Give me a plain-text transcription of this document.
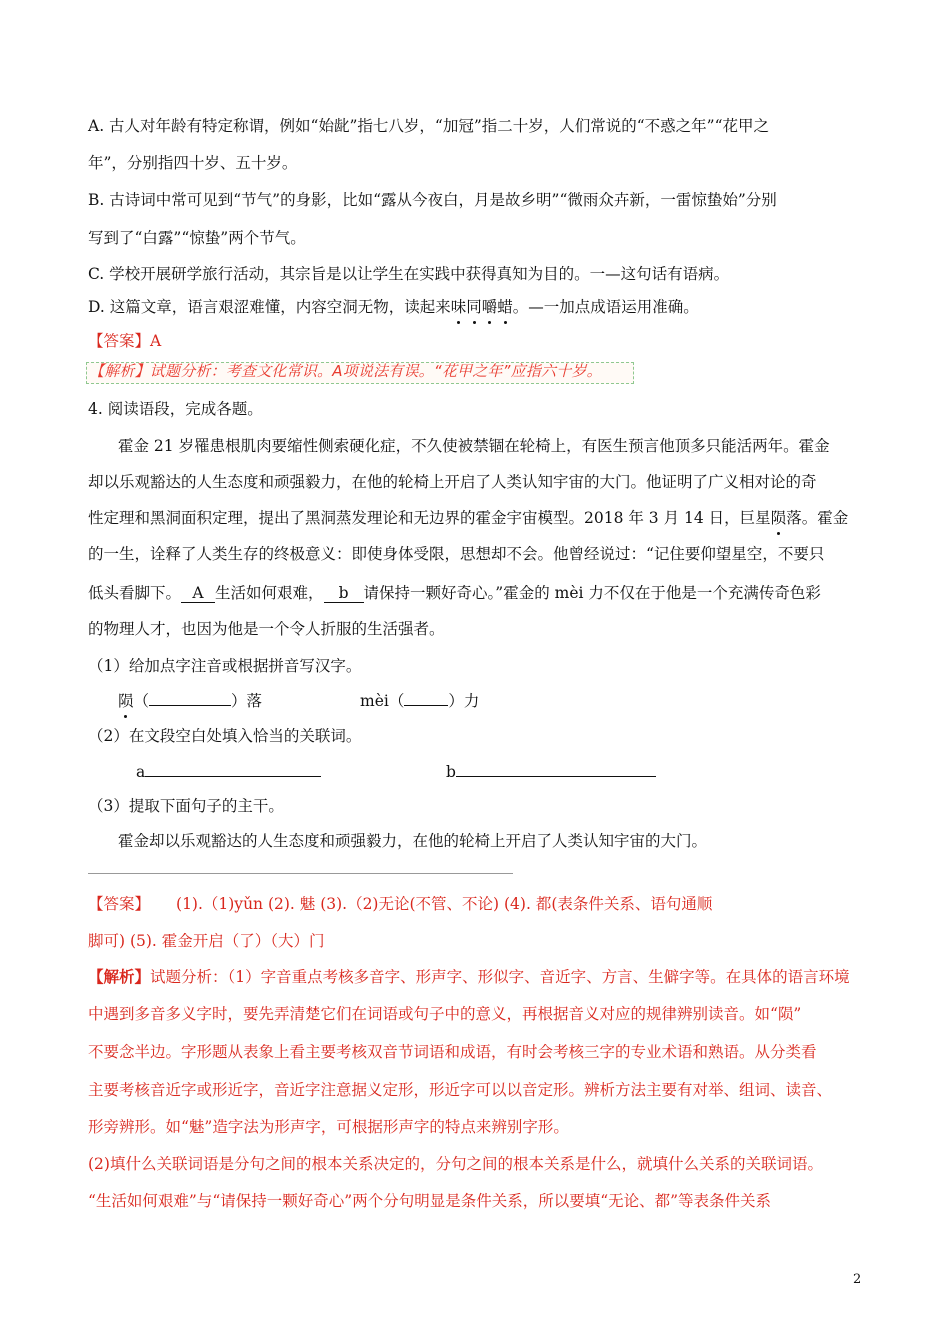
A. 古人对年龄有特定称谓，例如“始龀”指七八岁，“加冠”指二十岁，人们常说的“不惑之年”“花甲之
年”，分别指四十岁、五十岁。
B. 古诗词中常可见到“节气”的身影，比如“露从今夜白，月是故乡明”“微雨众卉新，一雷惊蛰始”分别
写到了“白露”“惊蛰”两个节气。
C. 学校开展研学旅行活动，其宗旨是以让学生在实践中获得真知为目的。一—这句话有语病。
D. 这篇文章，语言艰涩难懂，内容空洞无物，读起来味同嚼蜡。—一加点成语运用准确。
【答案】A
【解析】试题分析：考查文化常识。A项说法有误。“花甲之年”应指六十岁。
4. 阅读语段，完成各题。
霍金 21 岁罹患根肌肉要缩性侧索硬化症，不久使被禁锢在轮椅上，有医生预言他顶多只能活两年。霍金
却以乐观豁达的人生态度和顽强毅力，在他的轮椅上开启了人类认知宇宙的大门。他证明了广义相对论的奇
性定理和黑洞面积定理，提出了黑洞蒸发理论和无边界的霍金宇宙模型。2018 年 3 月 14 日，巨星陨落。霍金
的一生，诠释了人类生存的终极意义：即使身体受限，思想却不会。他曾经说过：“记住要仰望星空，不要只
低头看脚下。 A 生活如何艰难， b 请保持一颗好奇心。”霍金的 mèi 力不仅在于他是一个充满传奇色彩
的物理人才，也因为他是一个令人折服的生活强者。
（1）给加点字注音或根据拼音写汉字。
陨（	）落	mèi（	）力
（2）在文段空白处填入恰当的关联词。
a	b
（3）提取下面句子的主干。
霍金却以乐观豁达的人生态度和顽强毅力，在他的轮椅上开启了人类认知宇宙的大门。
【答案】 (1).（1)yǔn (2). 魅 (3).（2)无论(不管、不论) (4). 都(表条件关系、语句通顺
脚可) (5). 霍金开启（了）（大）门
【解析】试题分析：（1）字音重点考核多音字、形声字、形似字、音近字、方言、生僻字等。在具体的语言环境
中遇到多音多义字时，要先弄清楚它们在词语或句子中的意义，再根据音义对应的规律辨别读音。如“陨”
不要念半边。字形题从表象上看主要考核双音节词语和成语，有时会考核三字的专业术语和熟语。从分类看
主要考核音近字或形近字，音近字注意据义定形，形近字可以以音定形。辨析方法主要有对举、组词、读音、
形旁辨形。如“魅”造字法为形声字，可根据形声字的特点来辨别字形。
(2)填什么关联词语是分句之间的根本关系决定的，分句之间的根本关系是什么，就填什么关系的关联词语。
“生活如何艰难”与“请保持一颗好奇心”两个分句明显是条件关系，所以要填“无论、都”等表条件关系
2
